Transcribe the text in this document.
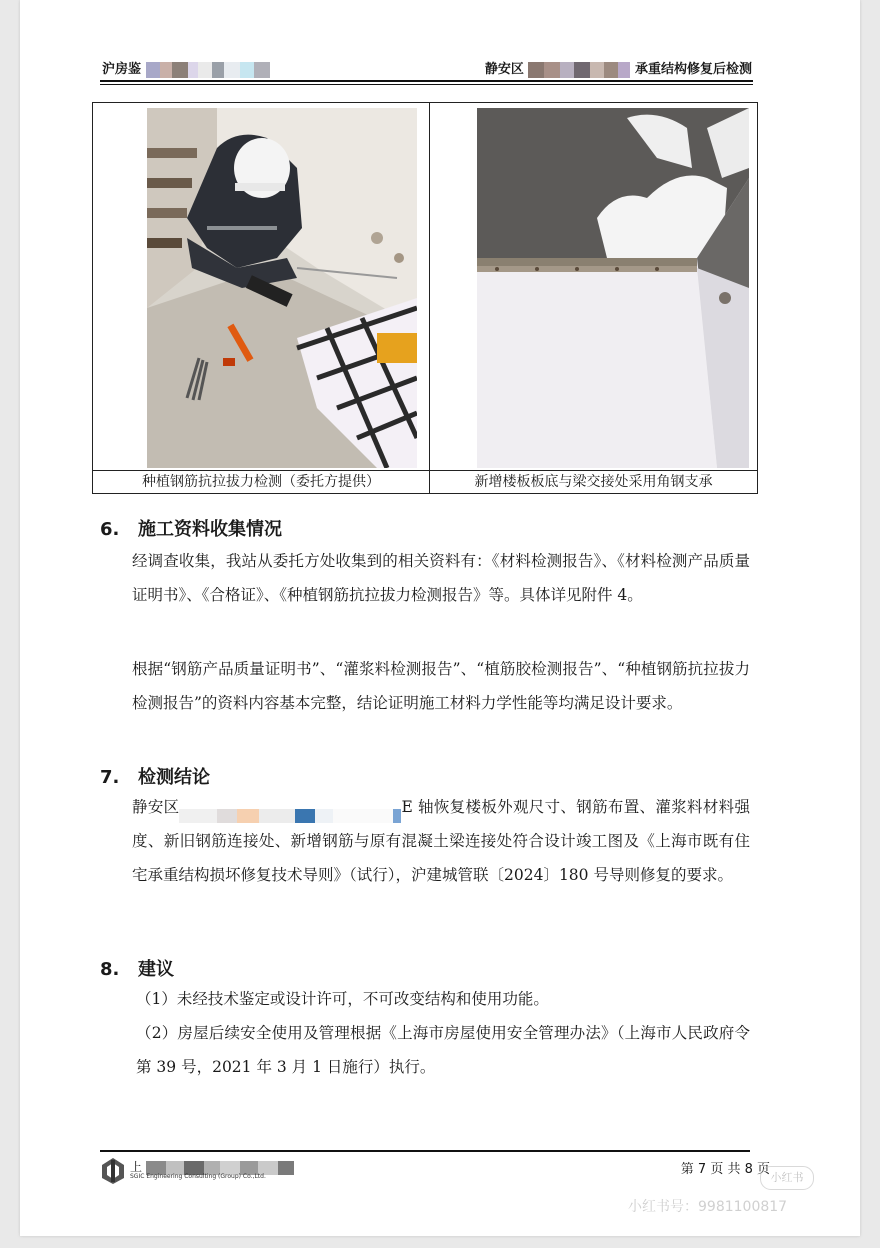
沪房鉴	静安区	承重结构修复后检测
种植钢筋抗拉拔力检测（委托方提供）	新增楼板板底与梁交接处采用角钢支承
6. 施工资料收集情况
经调查收集，我站从委托方处收集到的相关资料有：《材料检测报告》、《材料检测产品质量证明书》、《合格证》、《种植钢筋抗拉拔力检测报告》等。具体详见附件 4。
根据“钢筋产品质量证明书”、“灌浆料检测报告”、“植筋胶检测报告”、“种植钢筋抗拉拔力检测报告”的资料内容基本完整，结论证明施工材料力学性能等均满足设计要求。
7. 检测结论
静安区	E 轴恢复楼板外观尺寸、钢筋布置、灌浆料材料强度、新旧钢筋连接处、新增钢筋与原有混凝土梁连接处符合设计竣工图及《上海市既有住宅承重结构损坏修复技术导则》（试行），沪建城管联〔2024〕180 号导则修复的要求。
8. 建议
（1）未经技术鉴定或设计许可，不可改变结构和使用功能。
（2）房屋后续安全使用及管理根据《上海市房屋使用安全管理办法》（上海市人民政府令第 39 号，2021 年 3 月 1 日施行）执行。
上
SGIC Engineering Consulting (Group) Co.,Ltd.	第 7 页 共 8 页
小红书
小红书号：9981100817
